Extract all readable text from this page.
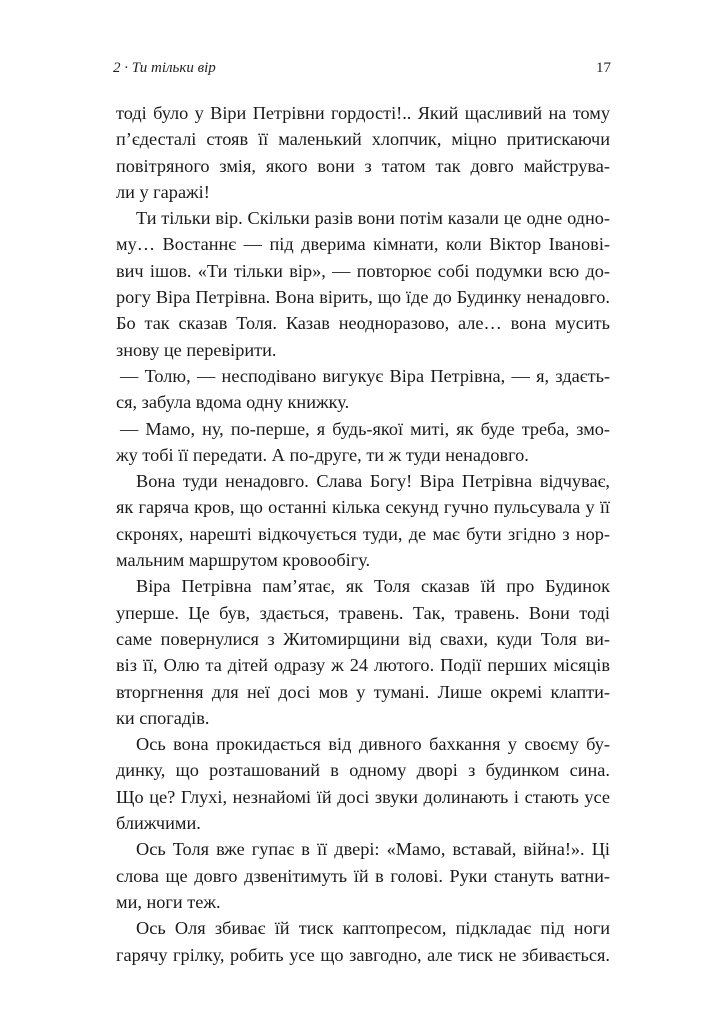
2 · Ти тільки вір	17
тоді було у Віри Петрівни гордості!.. Який щасливий на тому
п’єдесталі стояв її маленький хлопчик, міцно притискаючи
повітряного змія, якого вони з татом так довго майструва-
ли у гаражі!
Ти тільки вір. Скільки разів вони потім казали це одне одно-
му… Востаннє — під дверима кімнати, коли Віктор Іванові-
вич ішов. «Ти тільки вір», — повторює собі подумки всю до-
рогу Віра Петрівна. Вона вірить, що їде до Будинку ненадовго.
Бо так сказав Толя. Казав неодноразово, але… вона мусить
знову це перевірити.
— Толю, — несподівано вигукує Віра Петрівна, — я, здаєть-
ся, забула вдома одну книжку.
— Мамо, ну, по-перше, я будь-якої миті, як буде треба, змо-
жу тобі її передати. А по-друге, ти ж туди ненадовго.
Вона туди ненадовго. Слава Богу! Віра Петрівна відчуває,
як гаряча кров, що останні кілька секунд гучно пульсувала у її
скронях, нарешті відкочується туди, де має бути згідно з нор-
мальним маршрутом кровообігу.
Віра Петрівна пам’ятає, як Толя сказав їй про Будинок
уперше. Це був, здається, травень. Так, травень. Вони тоді
саме повернулися з Житомирщини від свахи, куди Толя ви-
віз її, Олю та дітей одразу ж 24 лютого. Події перших місяців
вторгнення для неї досі мов у тумані. Лише окремі клапти-
ки спогадів.
Ось вона прокидається від дивного бахкання у своєму бу-
динку, що розташований в одному дворі з будинком сина.
Що це? Глухі, незнайомі їй досі звуки долинають і стають усе
ближчими.
Ось Толя вже гупає в її двері: «Мамо, вставай, війна!». Ці
слова ще довго дзвенітимуть їй в голові. Руки стануть ватни-
ми, ноги теж.
Ось Оля збиває їй тиск каптопресом, підкладає під ноги
гарячу грілку, робить усе що завгодно, але тиск не збивається.
